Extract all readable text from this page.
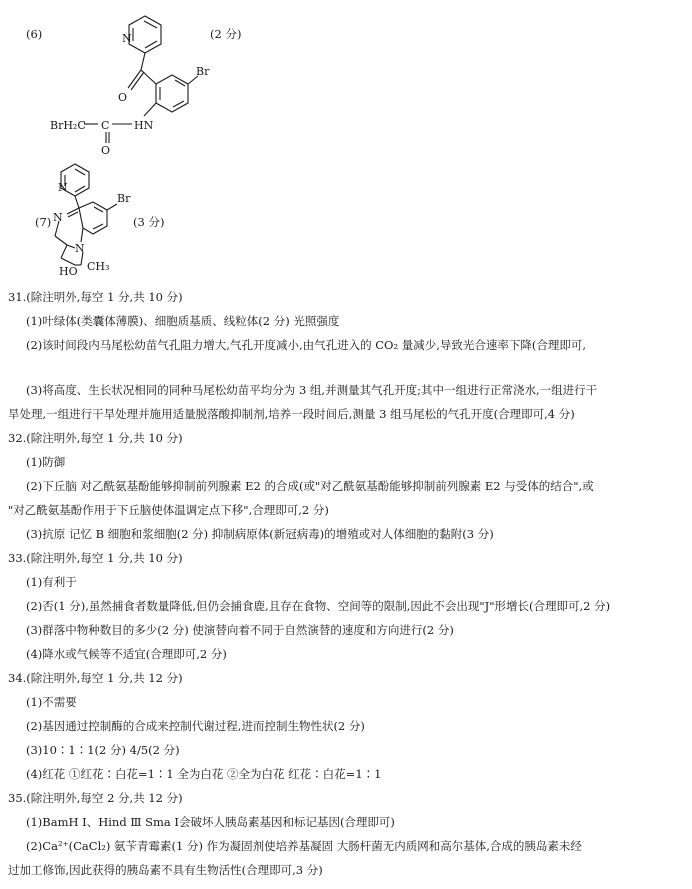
(6)	(2 分)
N
O
Br
HN
C
O
BrH₂C
(7)	(3 分)
N
N
Br
N
HO CH₃
31.(除注明外,每空 1 分,共 10 分)
(1)叶绿体(类囊体薄膜)、细胞质基质、线粒体(2 分) 光照强度
(2)该时间段内马尾松幼苗气孔阻力增大,气孔开度减小,由气孔进入的 CO₂ 量减少,导致光合速率下降(合理即可,
(3)将高度、生长状况相同的同种马尾松幼苗平均分为 3 组,并测量其气孔开度;其中一组进行正常浇水,一组进行干
旱处理,一组进行干旱处理并施用适量脱落酸抑制剂,培养一段时间后,测量 3 组马尾松的气孔开度(合理即可,4 分)
32.(除注明外,每空 1 分,共 10 分)
(1)防御
(2)下丘脑 对乙酰氨基酚能够抑制前列腺素 E2 的合成(或"对乙酰氨基酚能够抑制前列腺素 E2 与受体的结合",或
"对乙酰氨基酚作用于下丘脑使体温调定点下移",合理即可,2 分)
(3)抗原 记忆 B 细胞和浆细胞(2 分) 抑制病原体(新冠病毒)的增殖或对人体细胞的黏附(3 分)
33.(除注明外,每空 1 分,共 10 分)
(1)有利于
(2)否(1 分),虽然捕食者数量降低,但仍会捕食鹿,且存在食物、空间等的限制,因此不会出现"J"形增长(合理即可,2 分)
(3)群落中物种数目的多少(2 分) 使演替向着不同于自然演替的速度和方向进行(2 分)
(4)降水或气候等不适宜(合理即可,2 分)
34.(除注明外,每空 1 分,共 12 分)
(1)不需要
(2)基因通过控制酶的合成来控制代谢过程,进而控制生物性状(2 分)
(3)10∶1∶1(2 分) 4/5(2 分)
(4)红花 ①红花∶白花=1∶1 全为白花 ②全为白花 红花∶白花=1∶1
35.(除注明外,每空 2 分,共 12 分)
(1)BamH Ⅰ、Hind Ⅲ Sma Ⅰ会破坏人胰岛素基因和标记基因(合理即可)
(2)Ca²⁺(CaCl₂) 氨苄青霉素(1 分) 作为凝固剂使培养基凝固 大肠杆菌无内质网和高尔基体,合成的胰岛素未经
过加工修饰,因此获得的胰岛素不具有生物活性(合理即可,3 分)
